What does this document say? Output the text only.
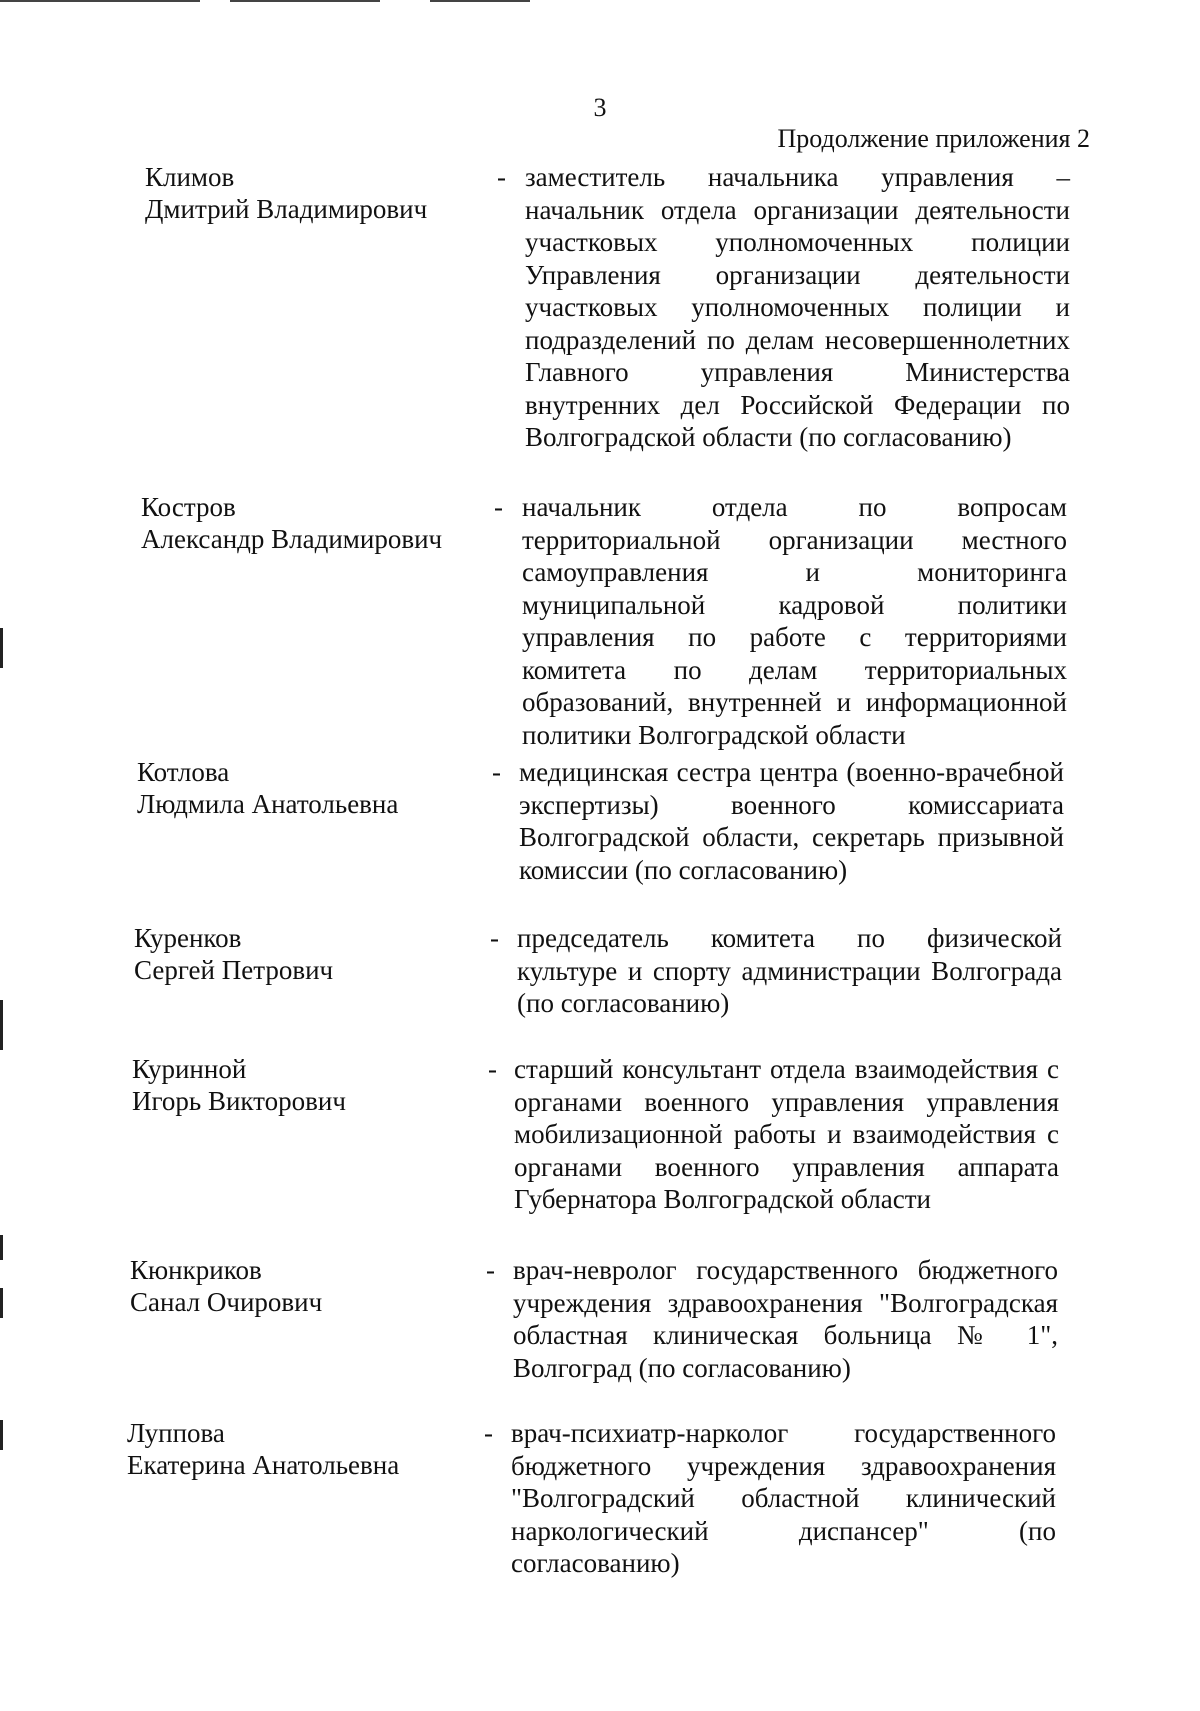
3
Продолжение приложения 2
Климов
Дмитрий Владимирович
- заместитель начальника управления – начальник отдела организации деятельности участковых уполномоченных полиции Управления организации деятельности участковых уполномоченных полиции и подразделений по делам несовершеннолетних Главного управления Министерства внутренних дел Российской Федерации по Волгоградской области (по согласованию)
Костров
Александр Владимирович
- начальник отдела по вопросам территориальной организации местного самоуправления и мониторинга муниципальной кадровой политики управления по работе с территориями комитета по делам территориальных образований, внутренней и информационной политики Волгоградской области
Котлова
Людмила Анатольевна
- медицинская сестра центра (военно-врачебной экспертизы) военного комиссариата Волгоградской области, секретарь призывной комиссии (по согласованию)
Куренков
Сергей Петрович
- председатель комитета по физической культуре и спорту администрации Волгограда (по согласованию)
Куринной
Игорь Викторович
- старший консультант отдела взаимодействия с органами военного управления управления мобилизационной работы и взаимодействия с органами военного управления аппарата Губернатора Волгоградской области
Кюнкриков
Санал Очирович
- врач-невролог государственного бюджетного учреждения здравоохранения "Волгоградская областная клиническая больница № 1", Волгоград (по согласованию)
Луппова
Екатерина Анатольевна
- врач-психиатр-нарколог государственного бюджетного учреждения здравоохранения "Волгоградский областной клинический наркологический диспансер" (по согласованию)
